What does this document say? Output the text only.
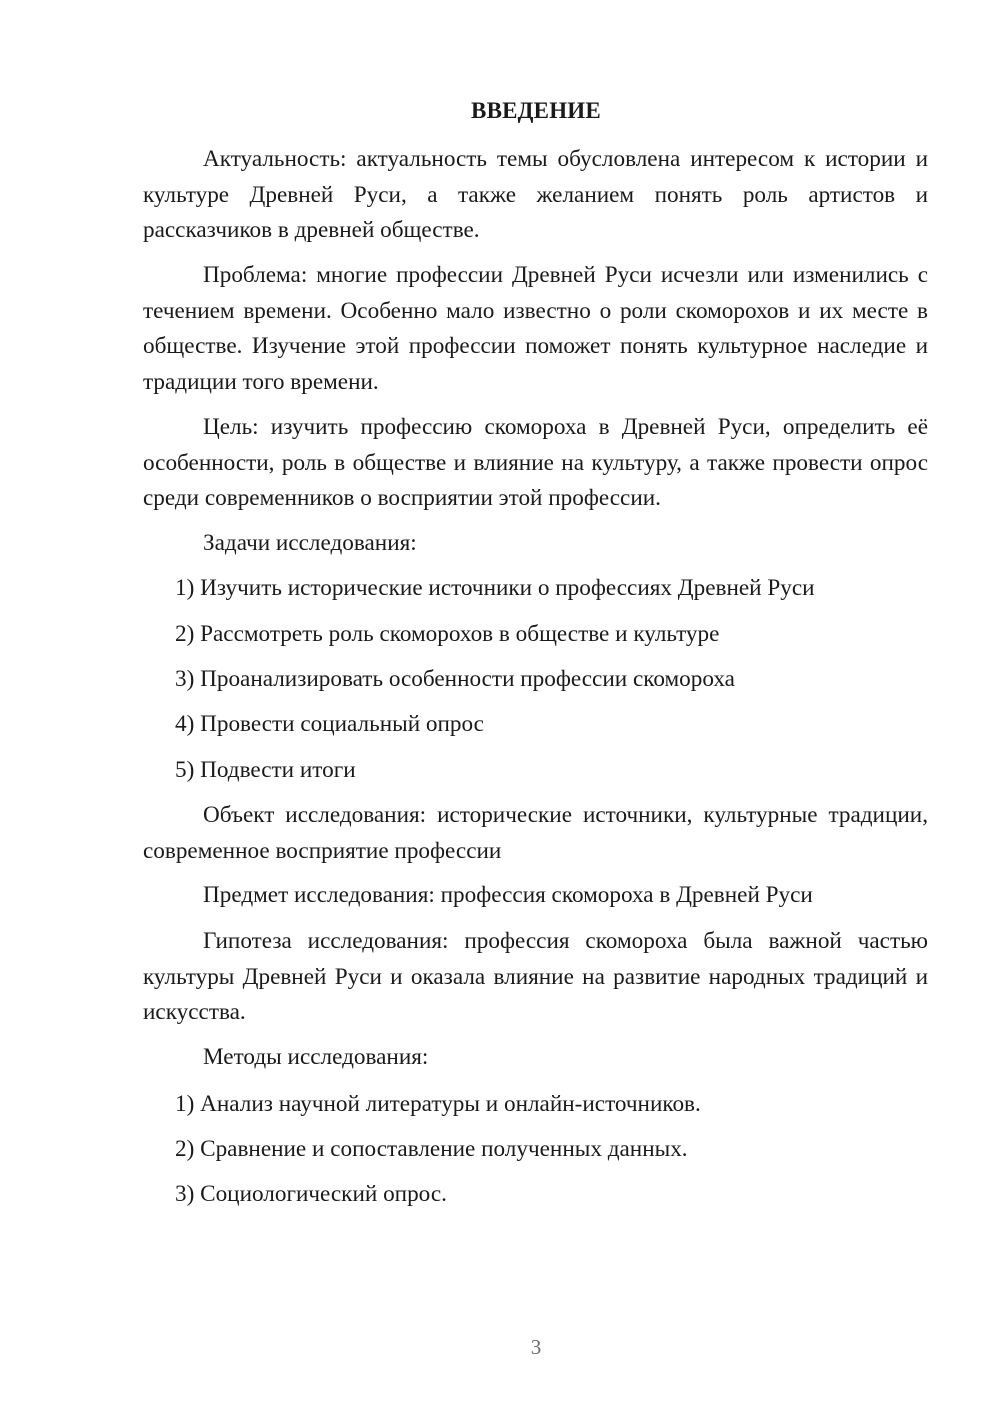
ВВЕДЕНИЕ
Актуальность: актуальность темы обусловлена интересом к истории и культуре Древней Руси, а также желанием понять роль артистов и рассказчиков в древней обществе.
Проблема: многие профессии Древней Руси исчезли или изменились с течением времени. Особенно мало известно о роли скоморохов и их месте в обществе. Изучение этой профессии поможет понять культурное наследие и традиции того времени.
Цель: изучить профессию скомороха в Древней Руси, определить её особенности, роль в обществе и влияние на культуру, а также провести опрос среди современников о восприятии этой профессии.
Задачи исследования:
1) Изучить исторические источники о профессиях Древней Руси
2) Рассмотреть роль скоморохов в обществе и культуре
3) Проанализировать особенности профессии скомороха
4) Провести социальный опрос
5) Подвести итоги
Объект исследования: исторические источники, культурные традиции, современное восприятие профессии
Предмет исследования: профессия скомороха в Древней Руси
Гипотеза исследования: профессия скомороха была важной частью культуры Древней Руси и оказала влияние на развитие народных традиций и искусства.
Методы исследования:
1) Анализ научной литературы и онлайн-источников.
2) Сравнение и сопоставление полученных данных.
3) Социологический опрос.
3
